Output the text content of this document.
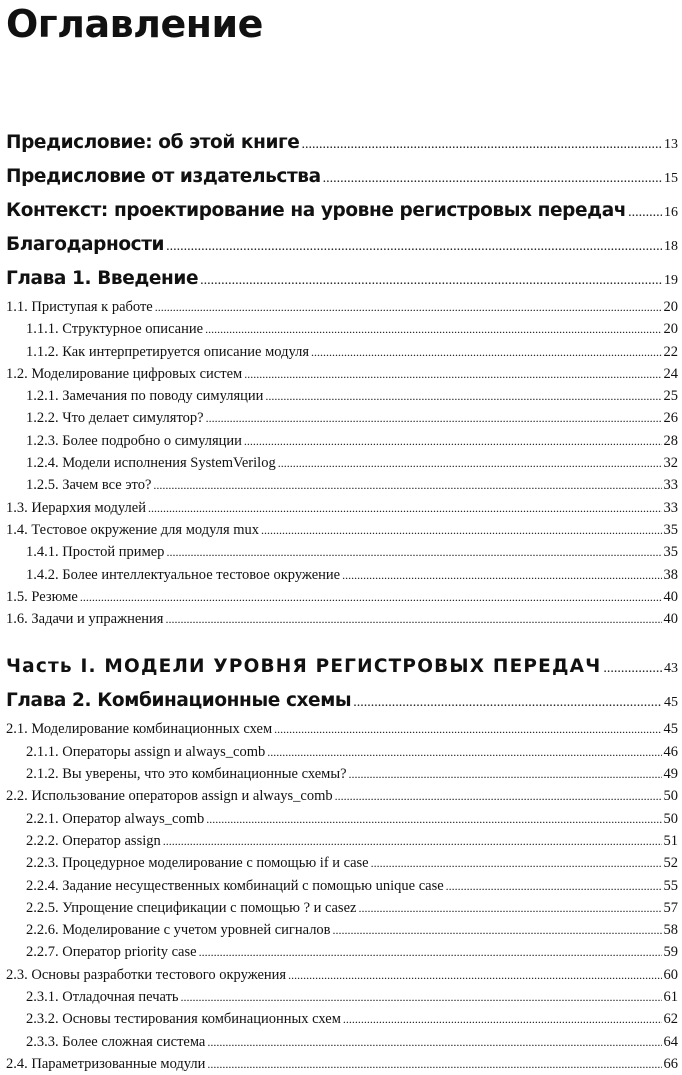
Оглавление
Предисловие: об этой книге .....	13
Предисловие от издательства .....	15
Контекст: проектирование на уровне регистровых передач .....	16
Благодарности .....	18
Глава 1. Введение .....	19
1.1. Приступая к работе .....	20
1.1.1. Структурное описание .....	20
1.1.2. Как интерпретируется описание модуля .....	22
1.2. Моделирование цифровых систем .....	24
1.2.1. Замечания по поводу симуляции .....	25
1.2.2. Что делает симулятор? .....	26
1.2.3. Более подробно о симуляции .....	28
1.2.4. Модели исполнения SystemVerilog .....	32
1.2.5. Зачем все это? .....	33
1.3. Иерархия модулей .....	33
1.4. Тестовое окружение для модуля mux .....	35
1.4.1. Простой пример .....	35
1.4.2. Более интеллектуальное тестовое окружение .....	38
1.5. Резюме .....	40
1.6. Задачи и упражнения .....	40
Часть I. МОДЕЛИ УРОВНЯ РЕГИСТРОВЫХ ПЕРЕДАЧ .....	43
Глава 2. Комбинационные схемы .....	45
2.1. Моделирование комбинационных схем .....	45
2.1.1. Операторы assign и always_comb .....	46
2.1.2. Вы уверены, что это комбинационные схемы? .....	49
2.2. Использование операторов assign и always_comb .....	50
2.2.1. Оператор always_comb .....	50
2.2.2. Оператор assign .....	51
2.2.3. Процедурное моделирование с помощью if и case .....	52
2.2.4. Задание несущественных комбинаций с помощью unique case .....	55
2.2.5. Упрощение спецификации с помощью ? и casez .....	57
2.2.6. Моделирование с учетом уровней сигналов .....	58
2.2.7. Оператор priority case .....	59
2.3. Основы разработки тестового окружения .....	60
2.3.1. Отладочная печать .....	61
2.3.2. Основы тестирования комбинационных схем .....	62
2.3.3. Более сложная система .....	64
2.4. Параметризованные модули .....	66
